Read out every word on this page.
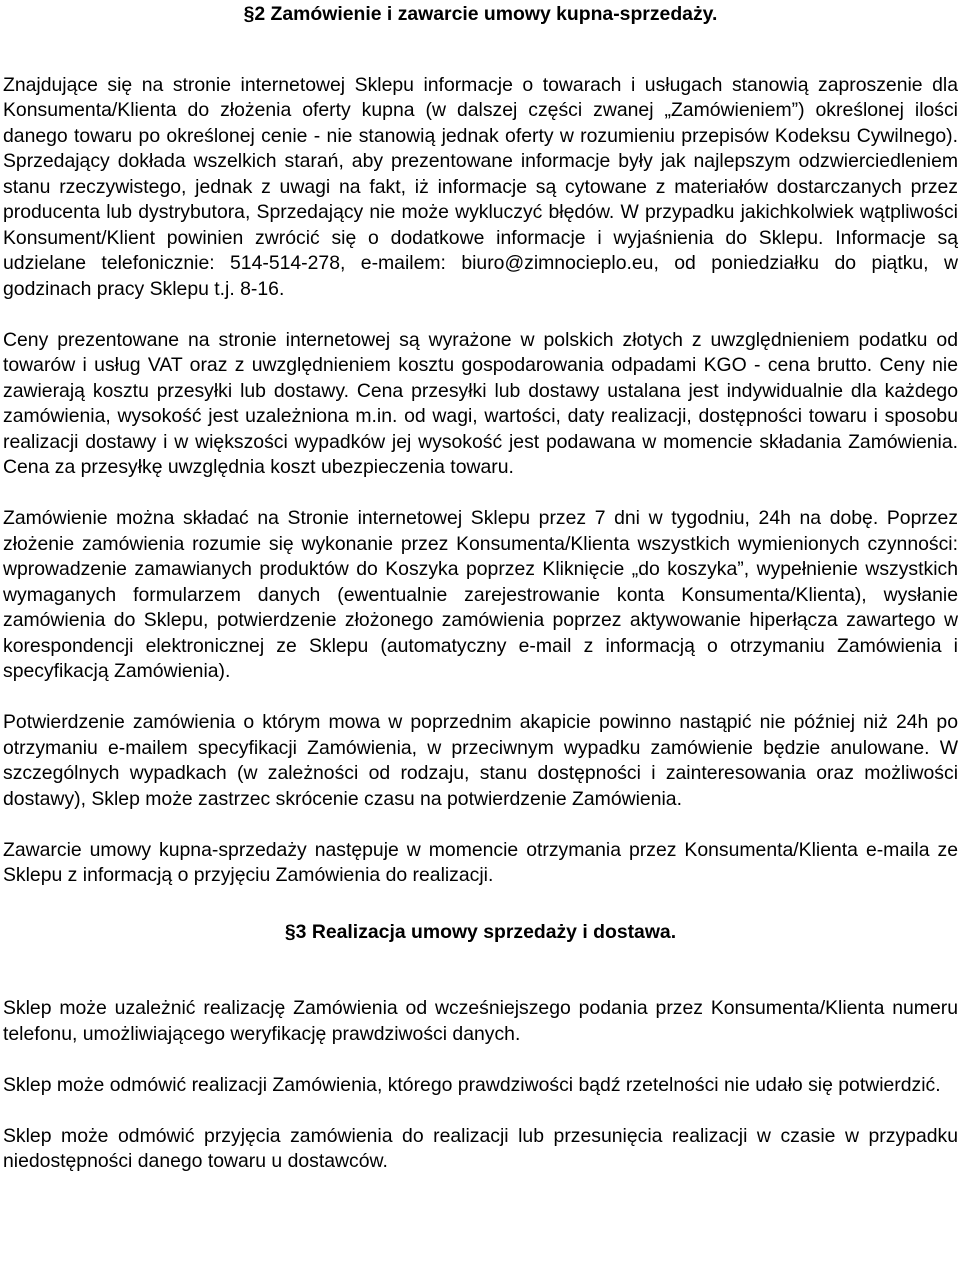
§2 Zamówienie i zawarcie umowy kupna-sprzedaży.

Znajdujące się na stronie internetowej Sklepu informacje o towarach i usługach stanowią zaproszenie dla Konsumenta/Klienta do złożenia oferty kupna (w dalszej części zwanej „Zamówieniem”) określonej ilości danego towaru po określonej cenie - nie stanowią jednak oferty w rozumieniu przepisów Kodeksu Cywilnego). Sprzedający dokłada wszelkich starań, aby prezentowane informacje były jak najlepszym odzwierciedleniem stanu rzeczywistego, jednak z uwagi na fakt, iż informacje są cytowane z materiałów dostarczanych przez producenta lub dystrybutora, Sprzedający nie może wykluczyć błędów. W przypadku jakichkolwiek wątpliwości Konsument/Klient powinien zwrócić się o dodatkowe informacje i wyjaśnienia do Sklepu. Informacje są udzielane telefonicznie: 514-514-278, e-mailem: biuro@zimnocieplo.eu, od poniedziałku do piątku, w godzinach pracy Sklepu t.j. 8-16.

Ceny prezentowane na stronie internetowej są wyrażone w polskich złotych z uwzględnieniem podatku od towarów i usług VAT oraz z uwzględnieniem kosztu gospodarowania odpadami KGO - cena brutto. Ceny nie zawierają kosztu przesyłki lub dostawy. Cena przesyłki lub dostawy ustalana jest indywidualnie dla każdego zamówienia, wysokość jest uzależniona m.in. od wagi, wartości, daty realizacji, dostępności towaru i sposobu realizacji dostawy i w większości wypadków jej wysokość jest podawana w momencie składania Zamówienia. Cena za przesyłkę uwzględnia koszt ubezpieczenia towaru.

Zamówienie można składać na Stronie internetowej Sklepu przez 7 dni w tygodniu, 24h na dobę. Poprzez złożenie zamówienia rozumie się wykonanie przez Konsumenta/Klienta wszystkich wymienionych czynności: wprowadzenie zamawianych produktów do Koszyka poprzez Kliknięcie „do koszyka”, wypełnienie wszystkich wymaganych formularzem danych (ewentualnie zarejestrowanie konta Konsumenta/Klienta), wysłanie zamówienia do Sklepu, potwierdzenie złożonego zamówienia poprzez aktywowanie hiperłącza zawartego w korespondencji elektronicznej ze Sklepu (automatyczny e-mail z informacją o otrzymaniu Zamówienia i specyfikacją Zamówienia).

Potwierdzenie zamówienia o którym mowa w poprzednim akapicie powinno nastąpić nie później niż 24h po otrzymaniu e-mailem specyfikacji Zamówienia, w przeciwnym wypadku zamówienie będzie anulowane. W szczególnych wypadkach (w zależności od rodzaju, stanu dostępności i zainteresowania oraz możliwości dostawy), Sklep może zastrzec skrócenie czasu na potwierdzenie Zamówienia.

Zawarcie umowy kupna-sprzedaży następuje w momencie otrzymania przez Konsumenta/Klienta e-maila ze Sklepu z informacją o przyjęciu Zamówienia do realizacji.

§3 Realizacja umowy sprzedaży i dostawa.

Sklep może uzależnić realizację Zamówienia od wcześniejszego podania przez Konsumenta/Klienta numeru telefonu, umożliwiającego weryfikację prawdziwości danych.

Sklep może odmówić realizacji Zamówienia, którego prawdziwości bądź rzetelności nie udało się potwierdzić.

Sklep może odmówić przyjęcia zamówienia do realizacji lub przesunięcia realizacji w czasie w przypadku niedostępności danego towaru u dostawców.
